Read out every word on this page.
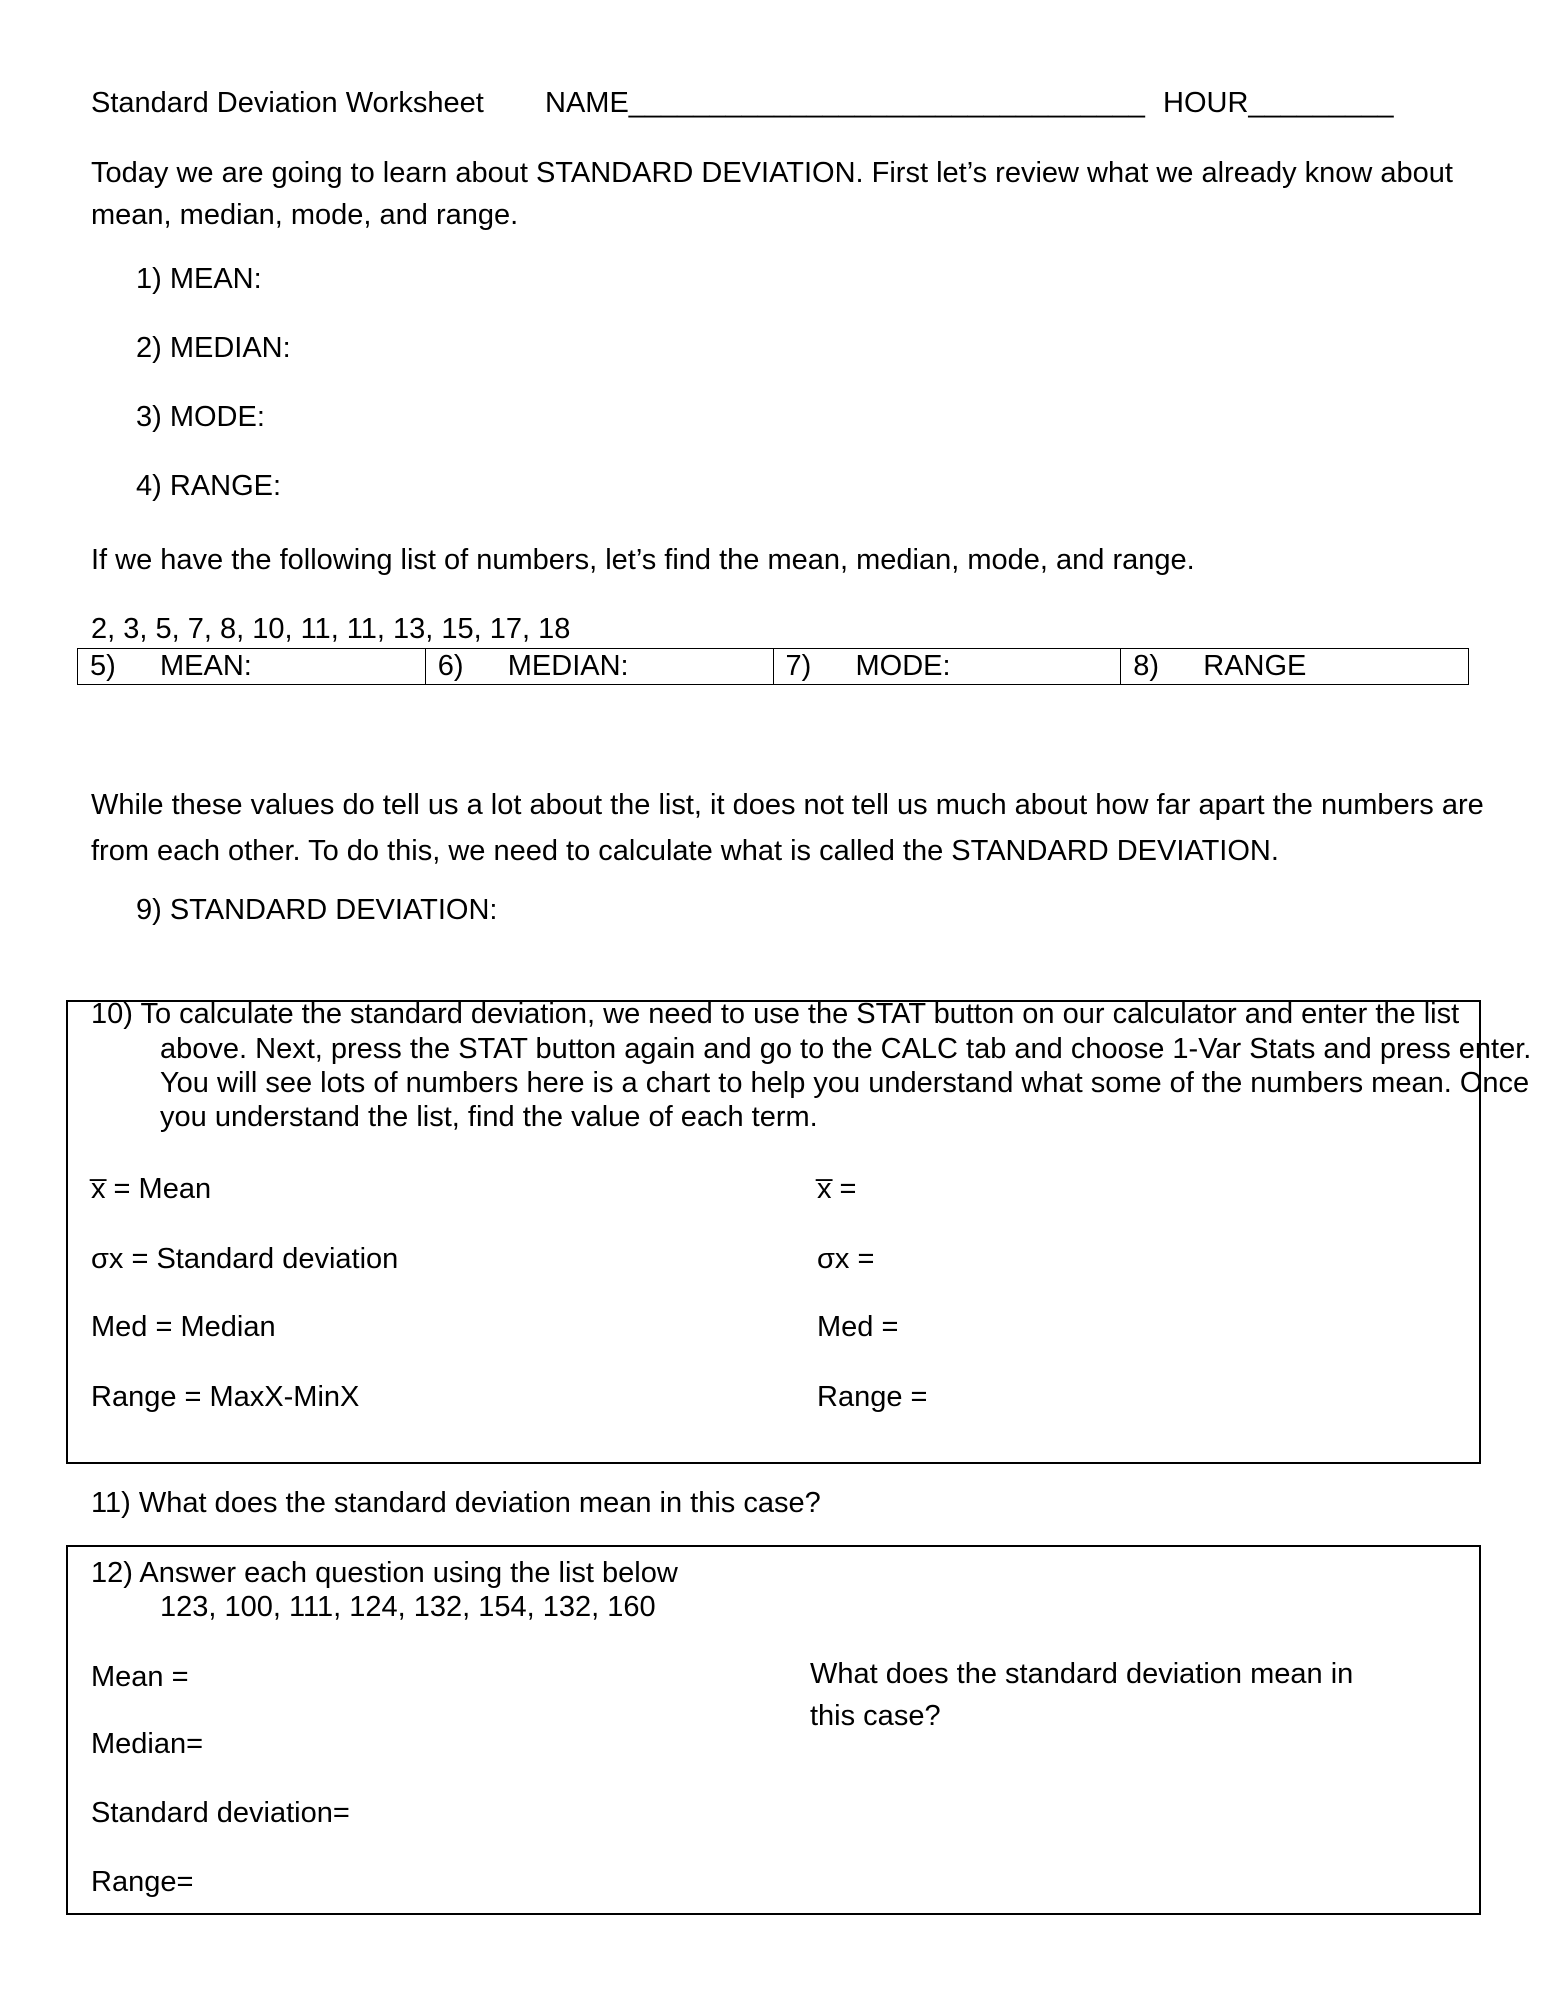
Standard Deviation Worksheet NAME________________________________ HOUR_________
Today we are going to learn about STANDARD DEVIATION. First let’s review what we already know about
mean, median, mode, and range.
1) MEAN:
2) MEDIAN:
3) MODE:
4) RANGE:
If we have the following list of numbers, let’s find the mean, median, mode, and range.
2, 3, 5, 7, 8, 10, 11, 11, 13, 15, 17, 18
5) MEAN:	6) MEDIAN:	7) MODE:	8) RANGE
While these values do tell us a lot about the list, it does not tell us much about how far apart the numbers are
from each other. To do this, we need to calculate what is called the STANDARD DEVIATION.
9) STANDARD DEVIATION:
10) To calculate the standard deviation, we need to use the STAT button on our calculator and enter the list
above. Next, press the STAT button again and go to the CALC tab and choose 1-Var Stats and press enter.
You will see lots of numbers here is a chart to help you understand what some of the numbers mean. Once
you understand the list, find the value of each term.
x̅ = Mean	x̅ =
σx = Standard deviation	σx =
Med = Median	Med =
Range = MaxX-MinX	Range =
11) What does the standard deviation mean in this case?
12) Answer each question using the list below
123, 100, 111, 124, 132, 154, 132, 160
Mean =
Median=
Standard deviation=
Range=
What does the standard deviation mean in
this case?
